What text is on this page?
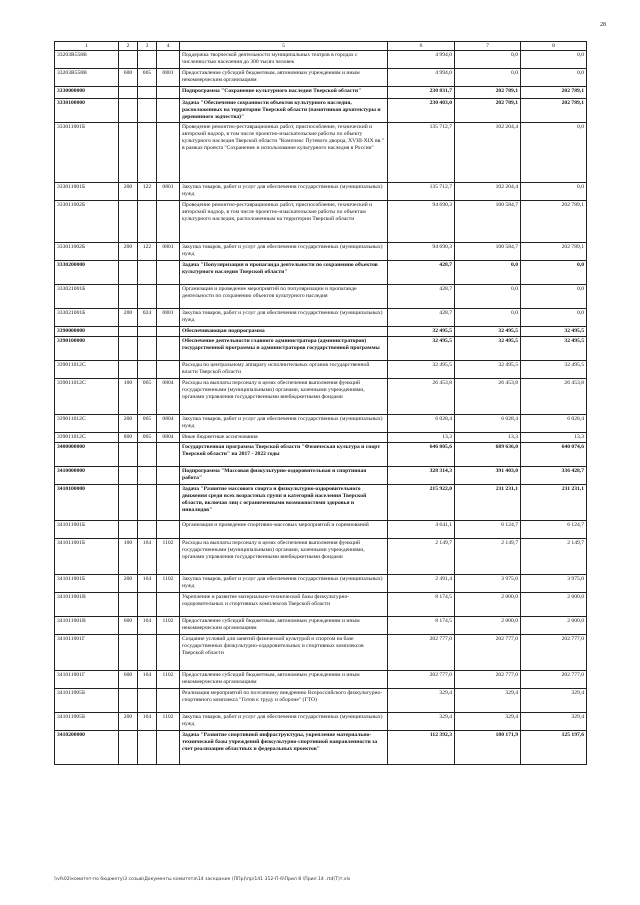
28
1	2	3	4	5	6	7	8
33203R558В				Поддержка творческой деятельности муниципальных театров в городах с численностью населения до 300 тысяч человек	4 994,0	0,0	0,0
33203R558В	600	065	0801	Предоставление субсидий бюджетным, автономным учреждениям и иным некоммерческим организациям	4 994,0	0,0	0,0
3330000000				Подпрограмма "Сохранение культурного наследия Тверской области"	230 831,7	202 789,1	202 789,1
3330100000				Задача "Обеспечение сохранности объектов культурного наследия, расположенных на территории Тверской области (памятников архитектуры и деревянного зодчества)"	230 403,0	202 789,1	202 789,1
333011001Б				Проведение ремонтно-реставрационных работ, приспособление, технический и авторский надзор, в том числе проектно-изыскательские работы по объекту культурного наследия Тверской области "Комплекс Путевого дворца, XVIII-XIX вв." в рамках проекта "Сохранение и использование культурного наследия в России"	135 712,7	102 204,4	0,0
333011001Б	200	122	0801	Закупка товаров, работ и услуг для обеспечения государственных (муниципальных) нужд	135 712,7	102 204,4	0,0
333011002Б				Проведение ремонтно-реставрационных работ, приспособление, технический и авторский надзор, в том числе проектно-изыскательские работы по объектам культурного наследия, расположенным на территории Тверской области	94 690,3	100 584,7	202 789,1
333011002Б	200	122	0801	Закупка товаров, работ и услуг для обеспечения государственных (муниципальных) нужд	94 690,3	100 584,7	202 789,1
3330200000				Задача "Популяризация и пропаганда деятельности по сохранению объектов культурного наследия Тверской области"	428,7	0,0	0,0
333021001Б				Организация и проведение мероприятий по популяризации и пропаганде деятельности по сохранению объектов культурного наследия	428,7	0,0	0,0
333021001Б	200	024	0801	Закупка товаров, работ и услуг для обеспечения государственных (муниципальных) нужд	428,7	0,0	0,0
3390000000				Обеспечивающая подпрограмма	32 495,5	32 495,5	32 495,5
3390100000				Обеспечение деятельности главного администратора (администраторов) государственной программы и администраторов государственной программы	32 495,5	32 495,5	32 495,5
339011012С				Расходы по центральному аппарату исполнительных органов государственной власти Тверской области	32 495,5	32 495,5	32 495,5
339011012С	100	065	0804	Расходы на выплаты персоналу в целях обеспечения выполнения функций государственными (муниципальными) органами, казенными учреждениями, органами управления государственными внебюджетными фондами	26 453,8	26 453,8	26 453,8
339011012С	200	065	0804	Закупка товаров, работ и услуг для обеспечения государственных (муниципальных) нужд	6 028,4	6 028,4	6 028,4
339011012С	800	065	0804	Иные бюджетные ассигнования	13,3	13,3	13,3
3400000000				Государственная программа Тверской области "Физическая культура и спорт Тверской области" на 2017 - 2022 годы	646 805,6	689 636,0	640 074,6
3410000000				Подпрограмма "Массовая физкультурно-оздоровительная и спортивная работа"	328 314,3	391 403,0	336 428,7
3410100000				Задача "Развитие массового спорта и физкультурно-оздоровительного движения среди всех возрастных групп и категорий населения Тверской области, включая лиц с ограниченными возможностями здоровья и инвалидов"	215 922,0	211 231,1	211 231,1
341011001Б				Организация и проведение спортивно-массовых мероприятий и соревнований	4 641,1	6 124,7	6 124,7
341011001Б	100	164	1102	Расходы на выплаты персоналу в целях обеспечения выполнения функций государственными (муниципальными) органами, казенными учреждениями, органами управления государственными внебюджетными фондами	2 149,7	2 149,7	2 149,7
341011001Б	200	164	1102	Закупка товаров, работ и услуг для обеспечения государственных (муниципальных) нужд	2 491,4	3 975,0	3 975,0
341011001В				Укрепление и развитие материально-технической базы физкультурно-оздоровительных и спортивных комплексов Тверской области	8 174,5	2 000,0	2 000,0
341011001В	600	164	1102	Предоставление субсидий бюджетным, автономным учреждениям и иным некоммерческим организациям	8 174,5	2 000,0	2 000,0
341011001Г				Создание условий для занятий физической культурой и спортом на базе государственных физкультурно-оздоровительных и спортивных комплексов Тверской области	202 777,0	202 777,0	202 777,0
341011001Г	600	164	1102	Предоставление субсидий бюджетным, автономным учреждениям и иным некоммерческим организациям	202 777,0	202 777,0	202 777,0
341011005Б				Реализация мероприятий по поэтапному внедрению Всероссийского физкультурно-спортивного комплекса "Готов к труду и обороне" (ГТО)	329,4	329,4	329,4
341011005Б	200	164	1102	Закупка товаров, работ и услуг для обеспечения государственных (муниципальных) нужд	329,4	329,4	329,4
3410200000				Задача "Развитие спортивной инфраструктуры, укрепление материально-технической базы учреждений физкультурно-спортивной направленности за счет реализации областных и федеральных проектов"	112 392,3	180 171,9	125 197,6
\\vfs02\комитет-по бюджету\3 созыв\Документы комитета\14 заседание (ППр)\пр\141 312-П-6\Прил 8 \Прил 14 .rtd(Т)т.xls
